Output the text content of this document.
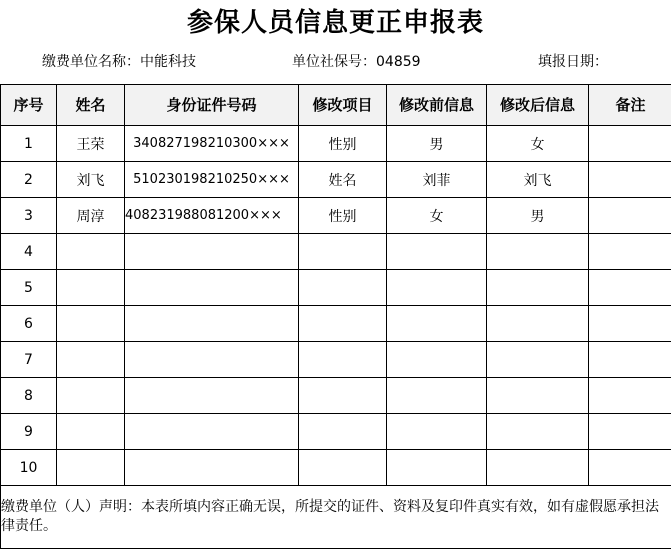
参保人员信息更正申报表
缴费单位名称：中能科技	单位社保号：04859	填报日期：
序号	姓名	身份证件号码	修改项目	修改前信息	修改后信息	备注
1	王荣	340827198210300×××	性别	男	女	
2	刘飞	510230198210250×××	姓名	刘菲	刘飞	
3	周淳	408231988081200×××	性别	女	男	
4						
5						
6						
7						
8						
9						
10						
缴费单位（人）声明：本表所填内容正确无误，所提交的证件、资料及复印件真实有效，如有虚假愿承担法律责任。						
